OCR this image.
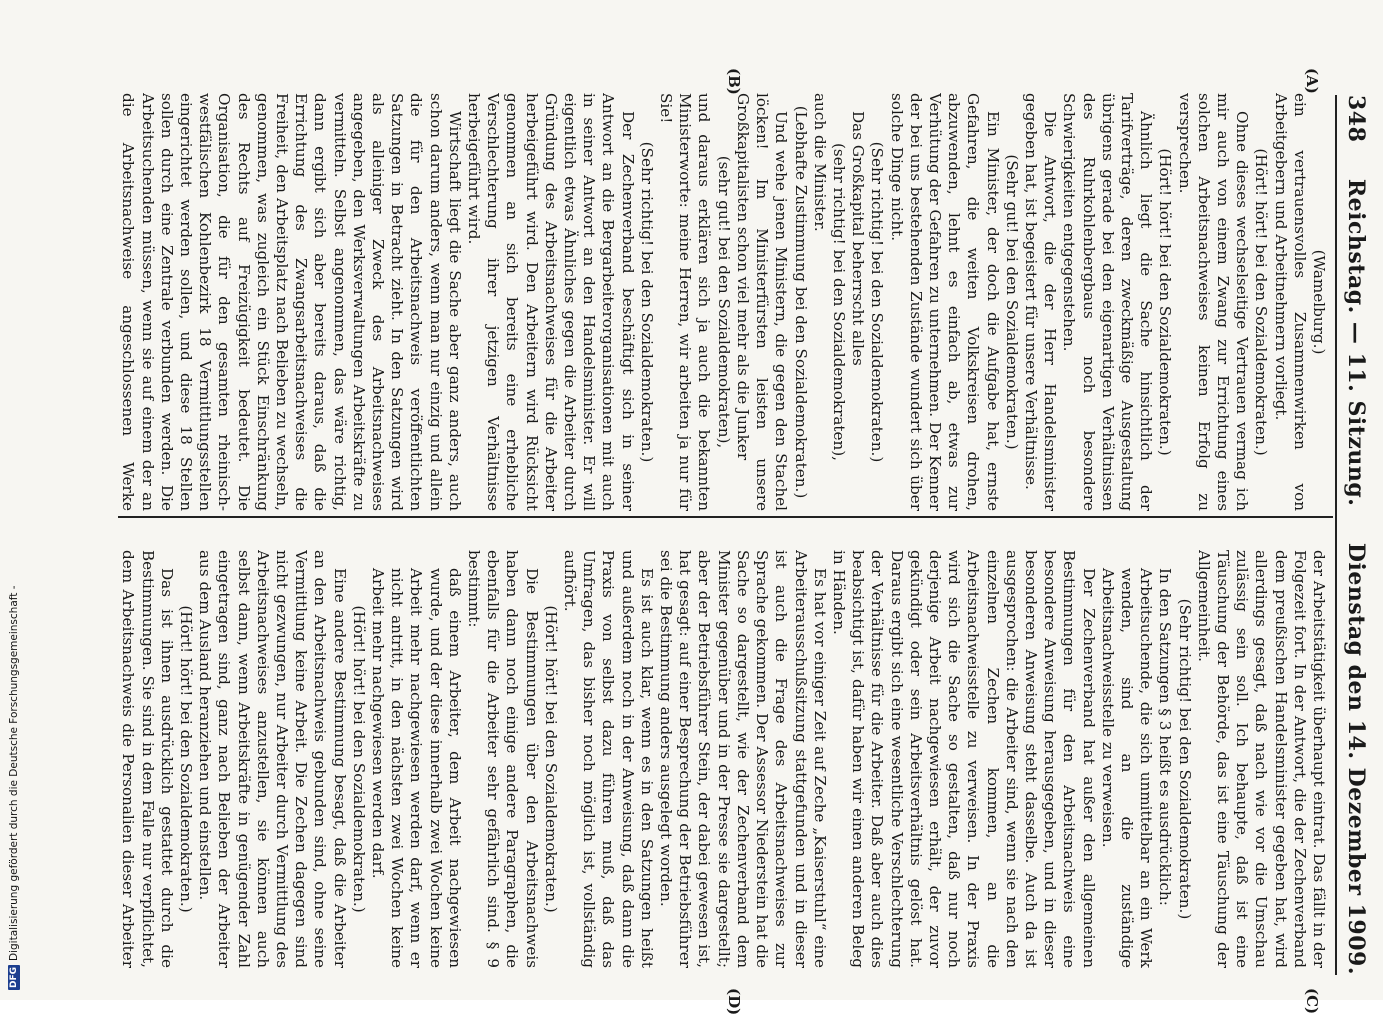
348
Reichstag. — 11. Sitzung.
Dienstag den 14. Dezember 1909.
(A)
(B)
(C)
(D)

(Wamelburg.)

ein vertrauensvolles Zusammenwirken von Arbeitgebern und Arbeitnehmern vorliegt.

(Hört! hört! bei den Sozialdemokraten.)

Ohne dieses wechselseitige Vertrauen vermag ich mir auch von einem Zwang zur Errichtung eines solchen Arbeitsnachweises keinen Erfolg zu versprechen.

(Hört! hört! bei den Sozialdemokraten.)

Ähnlich liegt die Sache hinsichtlich der Tarifverträge, deren zweckmäßige Ausgestaltung übrigens gerade bei den eigenartigen Verhältnissen des Ruhrkohlenbergbaus noch besondere Schwierigkeiten entgegenstehen.

Die Antwort, die der Herr Handelsminister gegeben hat, ist begeistert für unsere Verhältnisse.

(Sehr gut! bei den Sozialdemokraten.)

Ein Minister, der doch die Aufgabe hat, ernste Gefahren, die weiten Volkskreisen drohen, abzuwenden, lehnt es einfach ab, etwas zur Verhütung der Gefahren zu unternehmen. Der Kenner der bei uns bestehenden Zustände wundert sich über solche Dinge nicht.

(Sehr richtig! bei den Sozialdemokraten.)

Das Großkapital beherrscht alles

(sehr richtig! bei den Sozialdemokraten),

auch die Minister.

(Lebhafte Zustimmung bei den Sozialdemokraten.)

Und wehe jenen Ministern, die gegen den Stachel löcken! Im Ministerfürsten leisten unsere Großkapitalisten schon viel mehr als die Junker

(sehr gut! bei den Sozialdemokraten),

und daraus erklären sich ja auch die bekannten Ministerworte: meine Herren, wir arbeiten ja nur für Sie!

(Sehr richtig! bei den Sozialdemokraten.)

Der Zechenverband beschäftigt sich in seiner Antwort an die Bergarbeiterorganisationen mit auch in seiner Antwort an den Handelsminister. Er will eigentlich etwas Ähnliches gegen die Arbeiter durch Gründung des Arbeitsnachweises für die Arbeiter herbeigeführt wird. Den Arbeitern wird Rücksicht genommen an sich bereits eine erhebliche Verschlechterung ihrer jetzigen Verhältnisse herbeigeführt wird.

Wirtschaft liegt die Sache aber ganz anders, auch schon darum anders, wenn man nur einzig und allein die für den Arbeitsnachweis veröffentlichten Satzungen in Betracht zieht. In den Satzungen wird als alleiniger Zweck des Arbeitsnachweises angegeben, den Werksverwaltungen Arbeitskräfte zu vermitteln. Selbst angenommen, das wäre richtig, dann ergibt sich aber bereits daraus, daß die Errichtung des Zwangsarbeitsnachweises die Freiheit, den Arbeitsplatz nach Belieben zu wechseln, genommen, was zugleich ein Stück Einschränkung des Rechts auf Freizügigkeit bedeutet. Die Organisation, die für den gesamten rheinisch-westfälischen Kohlenbezirk 18 Vermittlungsstellen eingerichtet werden sollen, und diese 18 Stellen sollen durch eine Zentrale verbunden werden. Die Arbeitsuchenden müssen, wenn sie auf einem der an die Arbeitsnachweise angeschlossenen Werke

der Arbeitstätigkeit überhaupt eintrat. Das fällt in der Folgezeit fort. In der Antwort, die der Zechenverband dem preußischen Handelsminister gegeben hat, wird allerdings gesagt, daß nach wie vor die Umschau zulässig sein soll. Ich behaupte, daß ist eine Täuschung der Behörde, das ist eine Täuschung der Allgemeinheit.

(Sehr richtig! bei den Sozialdemokraten.)

In den Satzungen § 3 heißt es ausdrücklich:

Arbeitsuchende, die sich unmittelbar an ein Werk wenden, sind an die zuständige Arbeitsnachweisstelle zu verweisen.

Der Zechenverband hat außer den allgemeinen Bestimmungen für den Arbeitsnachweis eine besondere Anweisung herausgegeben, und in dieser besonderen Anweisung steht dasselbe. Auch da ist ausgesprochen: die Arbeiter sind, wenn sie nach den einzelnen Zechen kommen, an die Arbeitsnachweisstelle zu verweisen. In der Praxis wird sich die Sache so gestalten, daß nur noch derjenige Arbeit nachgewiesen erhält, der zuvor gekündigt oder sein Arbeitsverhältnis gelöst hat. Daraus ergibt sich eine wesentliche Verschlechterung der Verhältnisse für die Arbeiter. Daß aber auch dies beabsichtigt ist, dafür haben wir einen anderen Beleg in Händen.

Es hat vor einiger Zeit auf Zeche „Kaiserstuhl“ eine Arbeiterausschußsitzung stattgefunden und in dieser ist auch die Frage des Arbeitsnachweises zur Sprache gekommen. Der Assessor Niederstein hat die Sache so dargestellt, wie der Zechenverband dem Minister gegenüber und in der Presse sie dargestellt; aber der Betriebsführer Stein, der dabei gewesen ist, hat gesagt: auf einer Besprechung der Betriebsführer sei die Bestimmung anders ausgelegt worden.

Es ist auch klar, wenn es in den Satzungen heißt und außerdem noch in der Anweisung, daß dann die Praxis von selbst dazu führen muß, daß das Umfragen, das bisher noch möglich ist, vollständig aufhört.

(Hört! hört! bei den Sozialdemokraten.)

Die Bestimmungen über den Arbeitsnachweis haben dann noch einige andere Paragraphen, die ebenfalls für die Arbeiter sehr gefährlich sind. § 9 bestimmt:

daß einem Arbeiter, dem Arbeit nachgewiesen wurde, und der diese innerhalb zwei Wochen keine Arbeit mehr nachgewiesen werden darf, wenn er nicht antritt, in den nächsten zwei Wochen keine Arbeit mehr nachgewiesen werden darf.

(Hört! hört! bei den Sozialdemokraten.)

Eine andere Bestimmung besagt, daß die Arbeiter an den Arbeitsnachweis gebunden sind, ohne seine Vermittlung keine Arbeit. Die Zechen dagegen sind nicht gezwungen, nur Arbeiter durch Vermittlung des Arbeitsnachweises anzustellen, sie können auch selbst dann, wenn Arbeitskräfte in genügender Zahl eingetragen sind, ganz nach Belieben der Arbeiter aus dem Ausland heranziehen und einstellen.

(Hört! hört! bei den Sozialdemokraten.)

Das ist ihnen ausdrücklich gestattet durch die Bestimmungen. Sie sind in dem Falle nur verpflichtet, dem Arbeitsnachweis die Personalien dieser Arbeiter

DFG
Digitalisierung gefördert durch die Deutsche Forschungsgemeinschaft -
